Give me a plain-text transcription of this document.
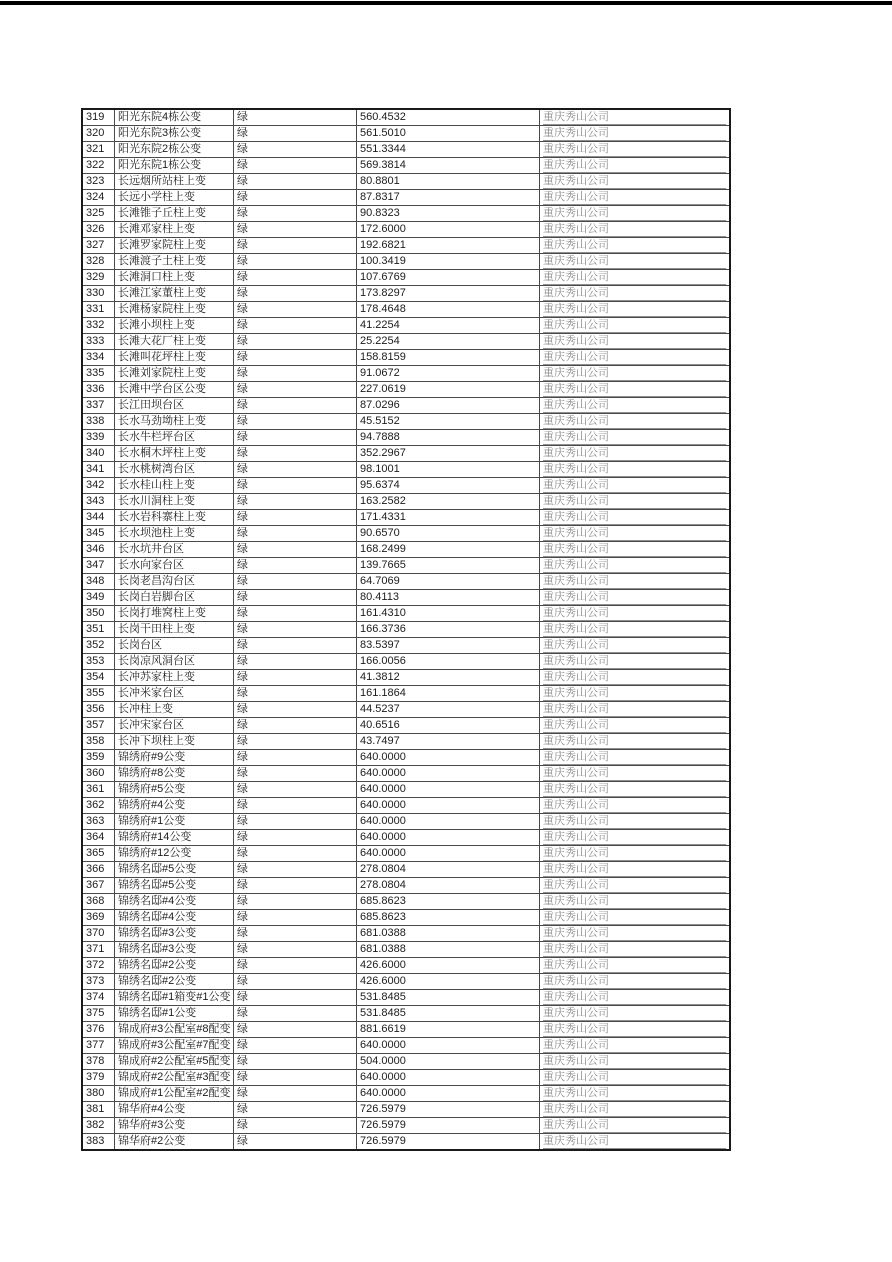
319	阳光东院4栋公变	绿	560.4532	重庆秀山公司

320	阳光东院3栋公变	绿	561.5010	重庆秀山公司

321	阳光东院2栋公变	绿	551.3344	重庆秀山公司

322	阳光东院1栋公变	绿	569.3814	重庆秀山公司

323	长远烟所站柱上变	绿	80.8801	重庆秀山公司

324	长远小学柱上变	绿	87.8317	重庆秀山公司

325	长滩锥子丘柱上变	绿	90.8323	重庆秀山公司

326	长滩邓家柱上变	绿	172.6000	重庆秀山公司

327	长滩罗家院柱上变	绿	192.6821	重庆秀山公司

328	长滩渡子土柱上变	绿	100.3419	重庆秀山公司

329	长滩洞口柱上变	绿	107.6769	重庆秀山公司

330	长滩江家董柱上变	绿	173.8297	重庆秀山公司

331	长滩杨家院柱上变	绿	178.4648	重庆秀山公司

332	长滩小坝柱上变	绿	41.2254	重庆秀山公司

333	长滩大花厂柱上变	绿	25.2254	重庆秀山公司

334	长滩叫花坪柱上变	绿	158.8159	重庆秀山公司

335	长滩刘家院柱上变	绿	91.0672	重庆秀山公司

336	长滩中学台区公变	绿	227.0619	重庆秀山公司

337	长江田坝台区	绿	87.0296	重庆秀山公司

338	长水马劲坳柱上变	绿	45.5152	重庆秀山公司

339	长水牛栏坪台区	绿	94.7888	重庆秀山公司

340	长水桐木坪柱上变	绿	352.2967	重庆秀山公司

341	长水桃树湾台区	绿	98.1001	重庆秀山公司

342	长水桂山柱上变	绿	95.6374	重庆秀山公司

343	长水川洞柱上变	绿	163.2582	重庆秀山公司

344	长水岩科寨柱上变	绿	171.4331	重庆秀山公司

345	长水坝池柱上变	绿	90.6570	重庆秀山公司

346	长水坑井台区	绿	168.2499	重庆秀山公司

347	长水向家台区	绿	139.7665	重庆秀山公司

348	长岗老昌沟台区	绿	64.7069	重庆秀山公司

349	长岗白岩脚台区	绿	80.4113	重庆秀山公司

350	长岗打堆窝柱上变	绿	161.4310	重庆秀山公司

351	长岗干田柱上变	绿	166.3736	重庆秀山公司

352	长岗台区	绿	83.5397	重庆秀山公司

353	长岗凉风洞台区	绿	166.0056	重庆秀山公司

354	长冲苏家柱上变	绿	41.3812	重庆秀山公司

355	长冲米家台区	绿	161.1864	重庆秀山公司

356	长冲柱上变	绿	44.5237	重庆秀山公司

357	长冲宋家台区	绿	40.6516	重庆秀山公司

358	长冲下坝柱上变	绿	43.7497	重庆秀山公司

359	锦绣府#9公变	绿	640.0000	重庆秀山公司

360	锦绣府#8公变	绿	640.0000	重庆秀山公司

361	锦绣府#5公变	绿	640.0000	重庆秀山公司

362	锦绣府#4公变	绿	640.0000	重庆秀山公司

363	锦绣府#1公变	绿	640.0000	重庆秀山公司

364	锦绣府#14公变	绿	640.0000	重庆秀山公司

365	锦绣府#12公变	绿	640.0000	重庆秀山公司

366	锦绣名邸#5公变	绿	278.0804	重庆秀山公司

367	锦绣名邸#5公变	绿	278.0804	重庆秀山公司

368	锦绣名邸#4公变	绿	685.8623	重庆秀山公司

369	锦绣名邸#4公变	绿	685.8623	重庆秀山公司

370	锦绣名邸#3公变	绿	681.0388	重庆秀山公司

371	锦绣名邸#3公变	绿	681.0388	重庆秀山公司

372	锦绣名邸#2公变	绿	426.6000	重庆秀山公司

373	锦绣名邸#2公变	绿	426.6000	重庆秀山公司

374	锦绣名邸#1箱变#1公变	绿	531.8485	重庆秀山公司

375	锦绣名邸#1公变	绿	531.8485	重庆秀山公司

376	锦成府#3公配室#8配变	绿	881.6619	重庆秀山公司

377	锦成府#3公配室#7配变	绿	640.0000	重庆秀山公司

378	锦成府#2公配室#5配变	绿	504.0000	重庆秀山公司

379	锦成府#2公配室#3配变	绿	640.0000	重庆秀山公司

380	锦成府#1公配室#2配变	绿	640.0000	重庆秀山公司

381	锦华府#4公变	绿	726.5979	重庆秀山公司

382	锦华府#3公变	绿	726.5979	重庆秀山公司

383	锦华府#2公变	绿	726.5979	重庆秀山公司
